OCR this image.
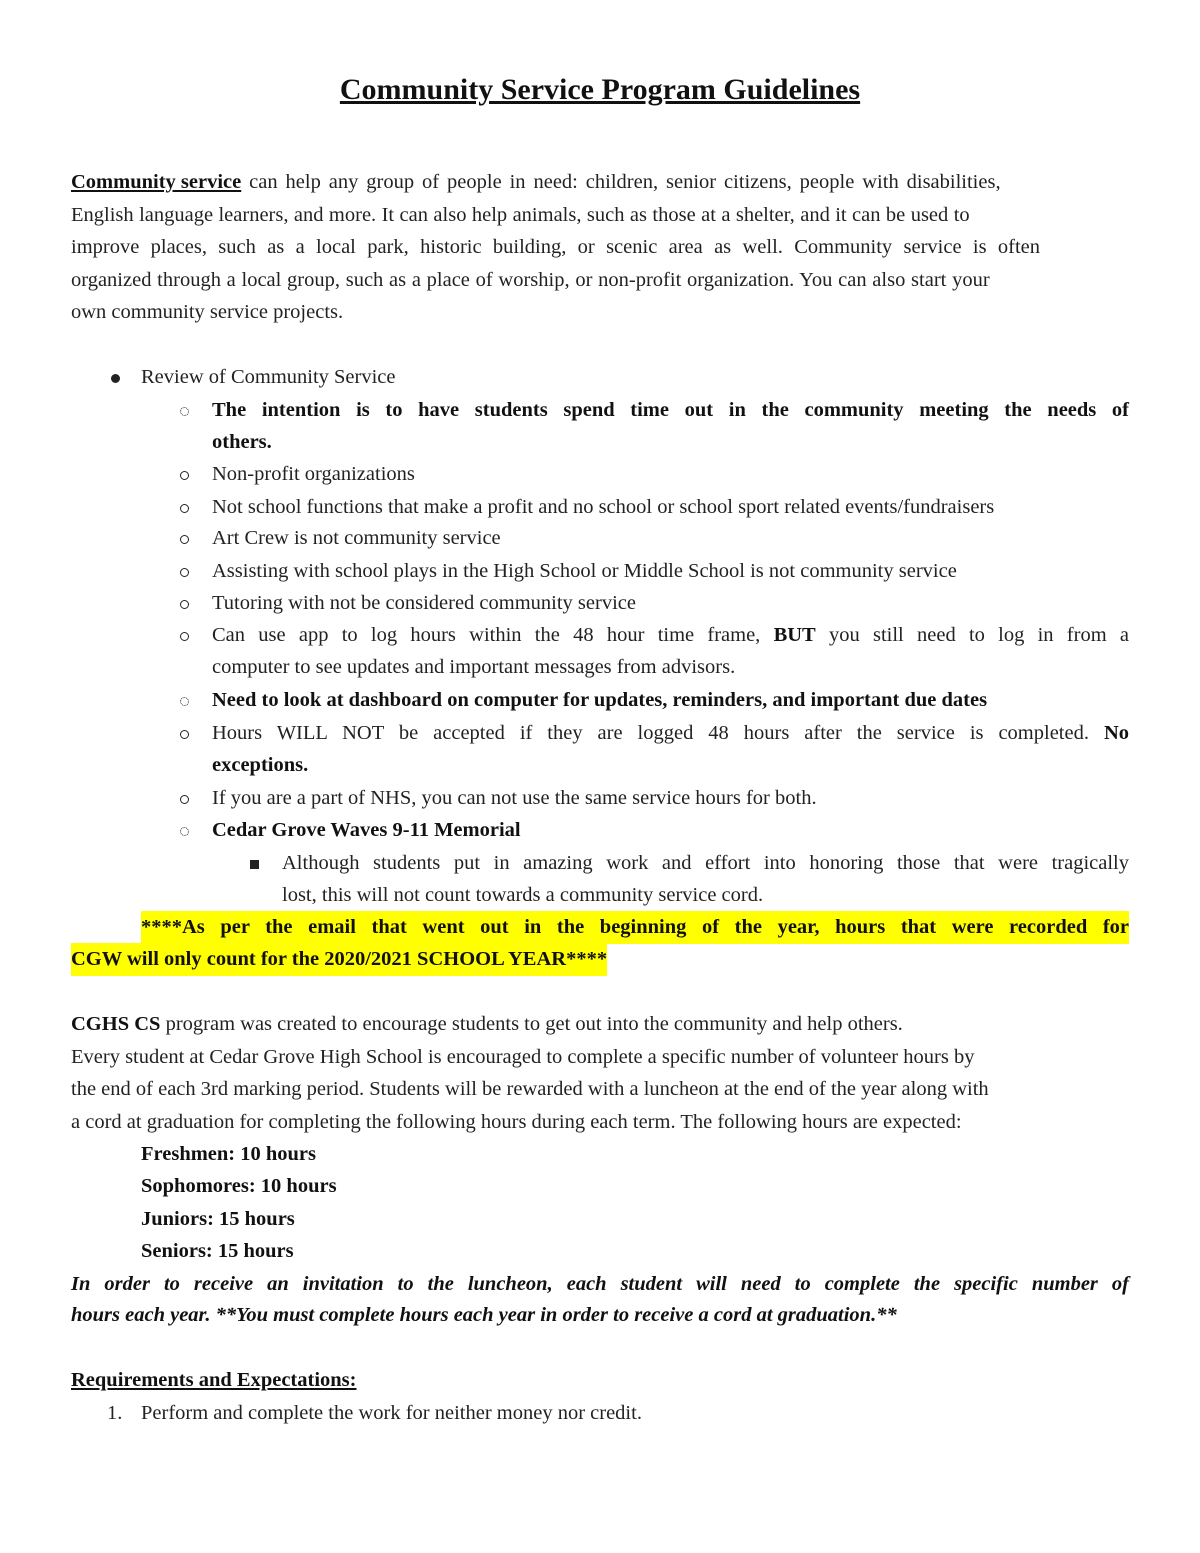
Community Service Program Guidelines
Community service can help any group of people in need: children, senior citizens, people with disabilities,
English language learners, and more. It can also help animals, such as those at a shelter, and it can be used to
improve places, such as a local park, historic building, or scenic area as well. Community service is often
organized through a local group, such as a place of worship, or non-profit organization. You can also start your
own community service projects.
Review of Community Service
The intention is to have students spend time out in the community meeting the needs of
others.
Non-profit organizations
Not school functions that make a profit and no school or school sport related events/fundraisers
Art Crew is not community service
Assisting with school plays in the High School or Middle School is not community service
Tutoring with not be considered community service
Can use app to log hours within the 48 hour time frame, BUT you still need to log in from a
computer to see updates and important messages from advisors.
Need to look at dashboard on computer for updates, reminders, and important due dates
Hours WILL NOT be accepted if they are logged 48 hours after the service is completed. No
exceptions.
If you are a part of NHS, you can not use the same service hours for both.
Cedar Grove Waves 9-11 Memorial
Although students put in amazing work and effort into honoring those that were tragically
lost, this will not count towards a community service cord.
****As per the email that went out in the beginning of the year, hours that were recorded for
CGW will only count for the 2020/2021 SCHOOL YEAR****
CGHS CS program was created to encourage students to get out into the community and help others.
Every student at Cedar Grove High School is encouraged to complete a specific number of volunteer hours by
the end of each 3rd marking period. Students will be rewarded with a luncheon at the end of the year along with
a cord at graduation for completing the following hours during each term. The following hours are expected:
Freshmen: 10 hours
Sophomores: 10 hours
Juniors: 15 hours
Seniors: 15 hours
In order to receive an invitation to the luncheon, each student will need to complete the specific number of
hours each year. **You must complete hours each year in order to receive a cord at graduation.**
Requirements and Expectations:
1. Perform and complete the work for neither money nor credit.
